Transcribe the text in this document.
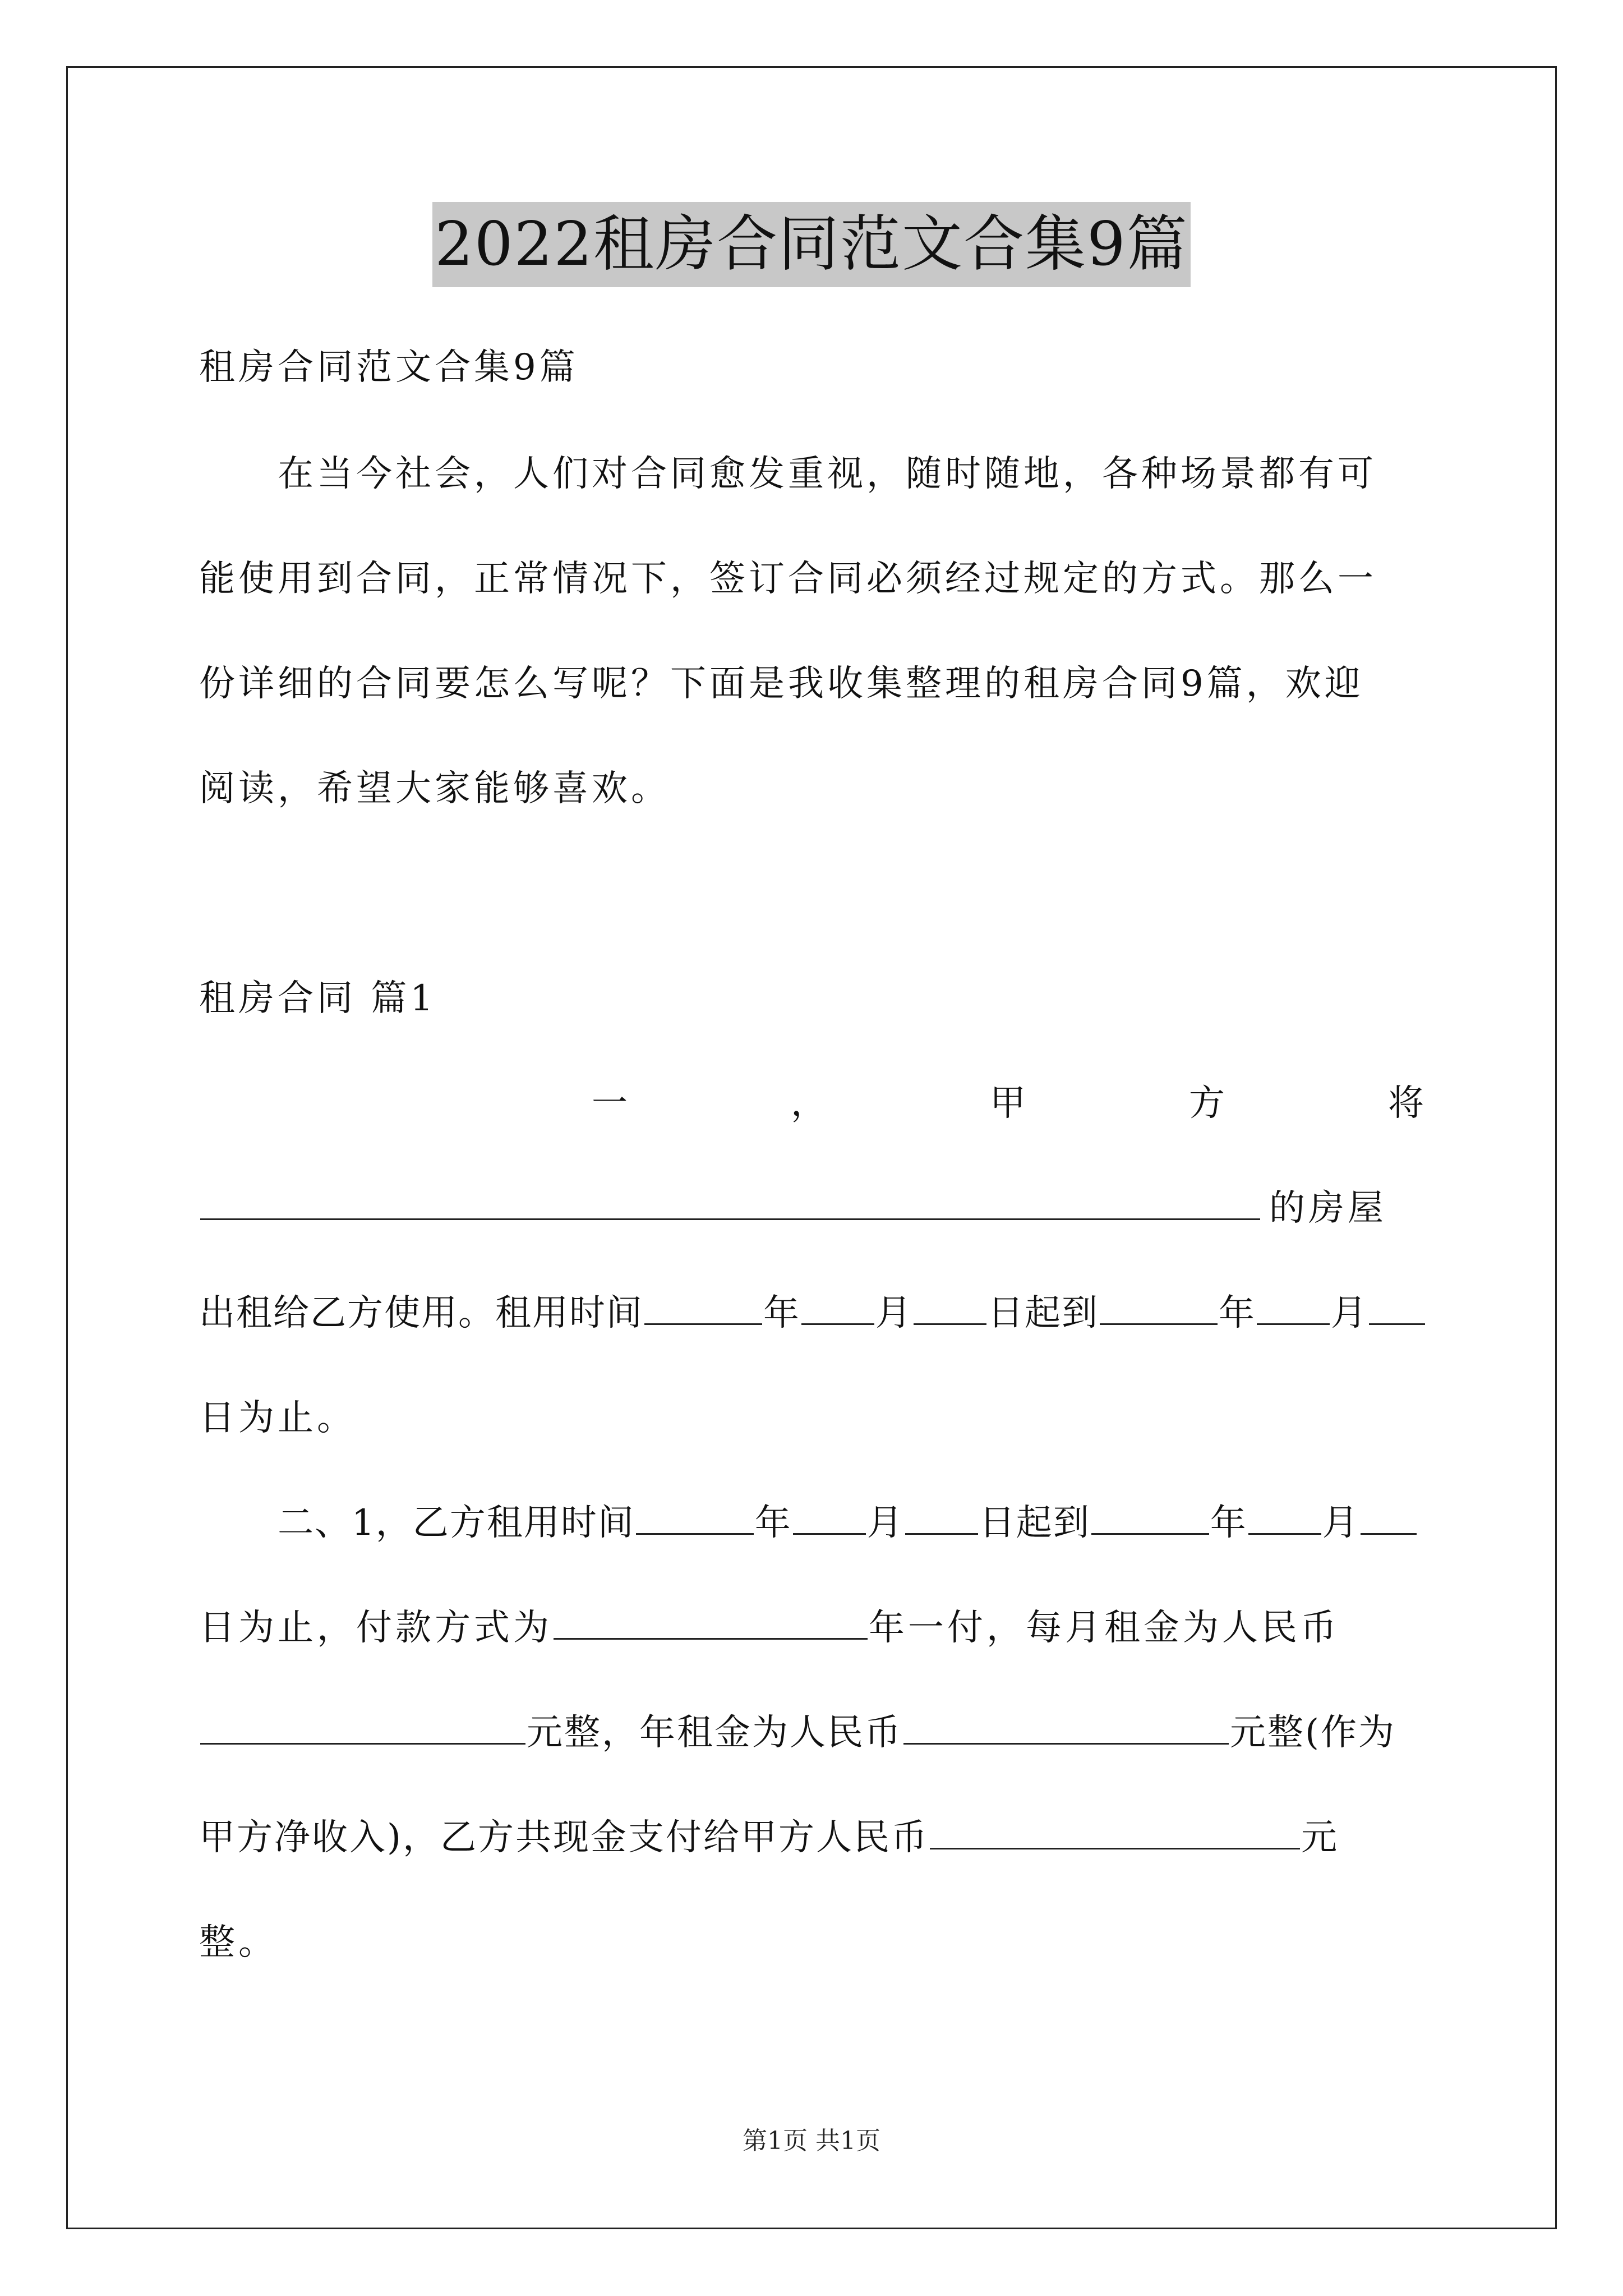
2022租房合同范文合集9篇
租房合同范文合集9篇
在当今社会，人们对合同愈发重视，随时随地，各种场景都有可
能使用到合同，正常情况下，签订合同必须经过规定的方式。那么一
份详细的合同要怎么写呢？下面是我收集整理的租房合同9篇，欢迎
阅读，希望大家能够喜欢。
租房合同 篇1
一	，	甲	方	将
的房屋
出租给乙方使用。租用时间	年 月 日起到	年 月
日为止。
二、1，乙方租用时间	年 月 日起到	年 月
日为止，付款方式为	年一付，每月租金为人民币
元整，年租金为人民币	元整(作为
甲方净收入)，乙方共现金支付给甲方人民币	元
整。
第1页 共1页
